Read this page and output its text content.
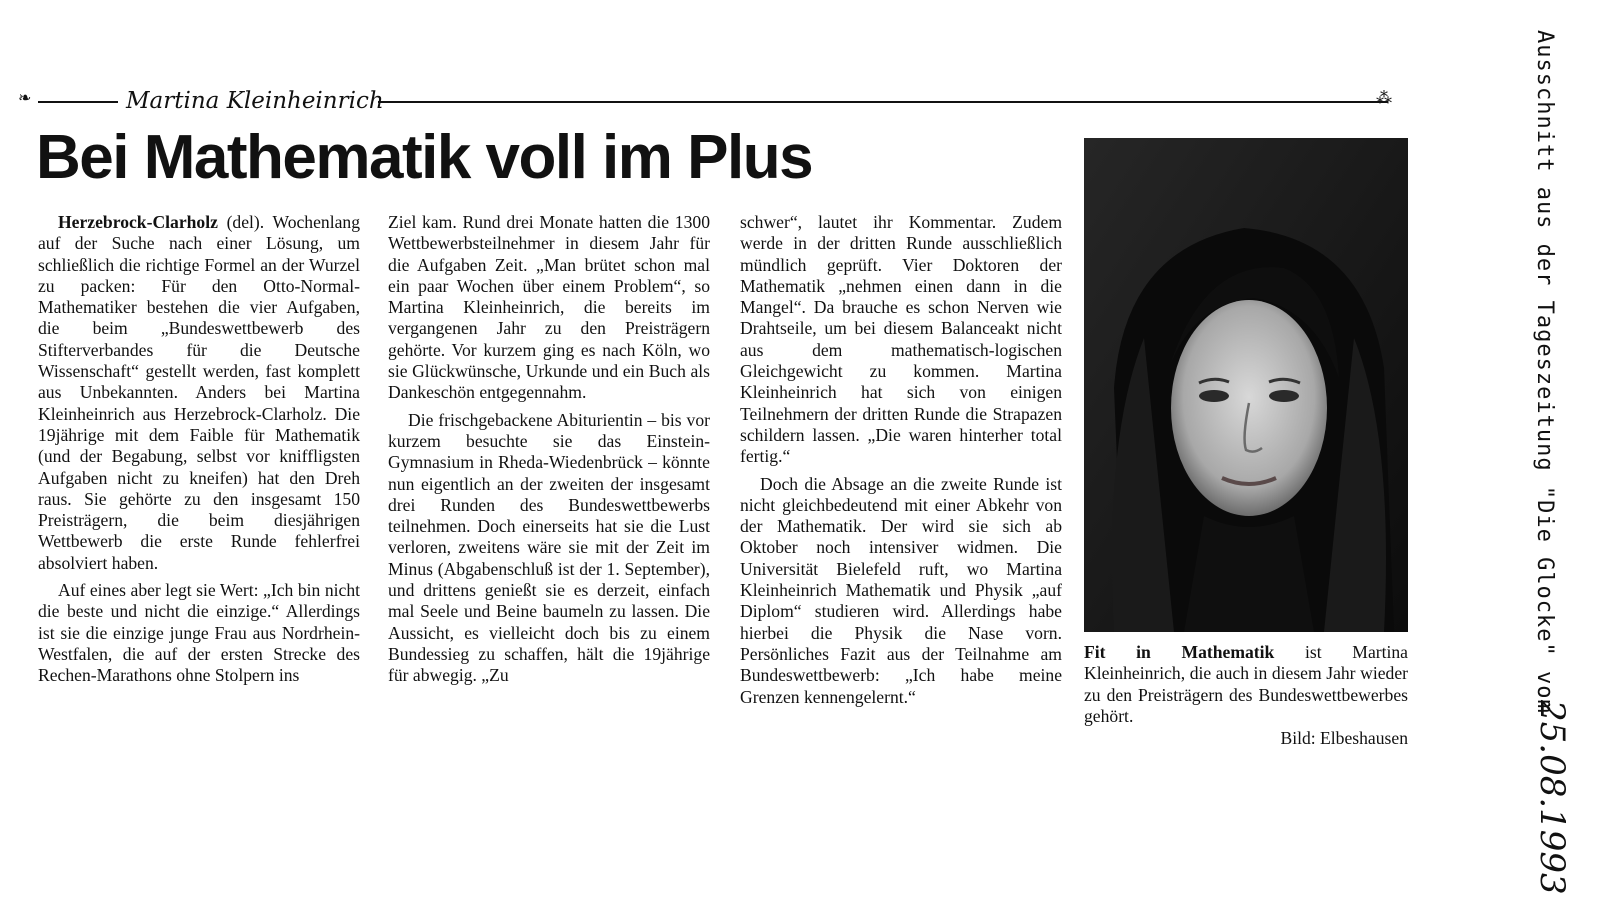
❧	Martina Kleinheinrich	⁂
Bei Mathematik voll im Plus

Herzebrock-Clarholz (del). Wochenlang auf der Suche nach einer Lösung, um schließlich die richtige Formel an der Wurzel zu packen: Für den Otto-Normal-Mathematiker bestehen die vier Aufgaben, die beim „Bundeswettbewerb des Stifterverbandes für die Deutsche Wissenschaft“ gestellt werden, fast komplett aus Unbekannten. Anders bei Martina Kleinheinrich aus Herzebrock-Clarholz. Die 19jährige mit dem Faible für Mathematik (und der Begabung, selbst vor kniffligsten Aufgaben nicht zu kneifen) hat den Dreh raus. Sie gehörte zu den insgesamt 150 Preisträgern, die beim diesjährigen Wettbewerb die erste Runde fehlerfrei absolviert haben.

Auf eines aber legt sie Wert: „Ich bin nicht die beste und nicht die einzige.“ Allerdings ist sie die einzige junge Frau aus Nordrhein-Westfalen, die auf der ersten Strecke des Rechen-Marathons ohne Stolpern ins

Ziel kam. Rund drei Monate hatten die 1300 Wettbewerbsteilnehmer in diesem Jahr für die Aufgaben Zeit. „Man brütet schon mal ein paar Wochen über einem Problem“, so Martina Kleinheinrich, die bereits im vergangenen Jahr zu den Preisträgern gehörte. Vor kurzem ging es nach Köln, wo sie Glückwünsche, Urkunde und ein Buch als Dankeschön entgegennahm.

Die frischgebackene Abiturientin – bis vor kurzem besuchte sie das Einstein-Gymnasium in Rheda-Wiedenbrück – könnte nun eigentlich an der zweiten der insgesamt drei Runden des Bundeswettbewerbs teilnehmen. Doch einerseits hat sie die Lust verloren, zweitens wäre sie mit der Zeit im Minus (Abgabenschluß ist der 1. September), und drittens genießt sie es derzeit, einfach mal Seele und Beine baumeln zu lassen. Die Aussicht, es vielleicht doch bis zu einem Bundessieg zu schaffen, hält die 19jährige für abwegig. „Zu

schwer“, lautet ihr Kommentar. Zudem werde in der dritten Runde ausschließlich mündlich geprüft. Vier Doktoren der Mathematik „nehmen einen dann in die Mangel“. Da brauche es schon Nerven wie Drahtseile, um bei diesem Balanceakt nicht aus dem mathematisch-logischen Gleichgewicht zu kommen. Martina Kleinheinrich hat sich von einigen Teilnehmern der dritten Runde die Strapazen schildern lassen. „Die waren hinterher total fertig.“

Doch die Absage an die zweite Runde ist nicht gleichbedeutend mit einer Abkehr von der Mathematik. Der wird sie sich ab Oktober noch intensiver widmen. Die Universität Bielefeld ruft, wo Martina Kleinheinrich Mathematik und Physik „auf Diplom“ studieren wird. Allerdings habe hierbei die Physik die Nase vorn. Persönliches Fazit aus der Teilnahme am Bundeswettbewerb: „Ich habe meine Grenzen kennengelernt.“

Fit in Mathematik ist Martina Kleinheinrich, die auch in diesem Jahr wieder zu den Preisträgern des Bundeswettbewerbes gehört.
Bild: Elbeshausen
Ausschnitt aus der Tageszeitung "Die Glocke" vom
25.08.1993
